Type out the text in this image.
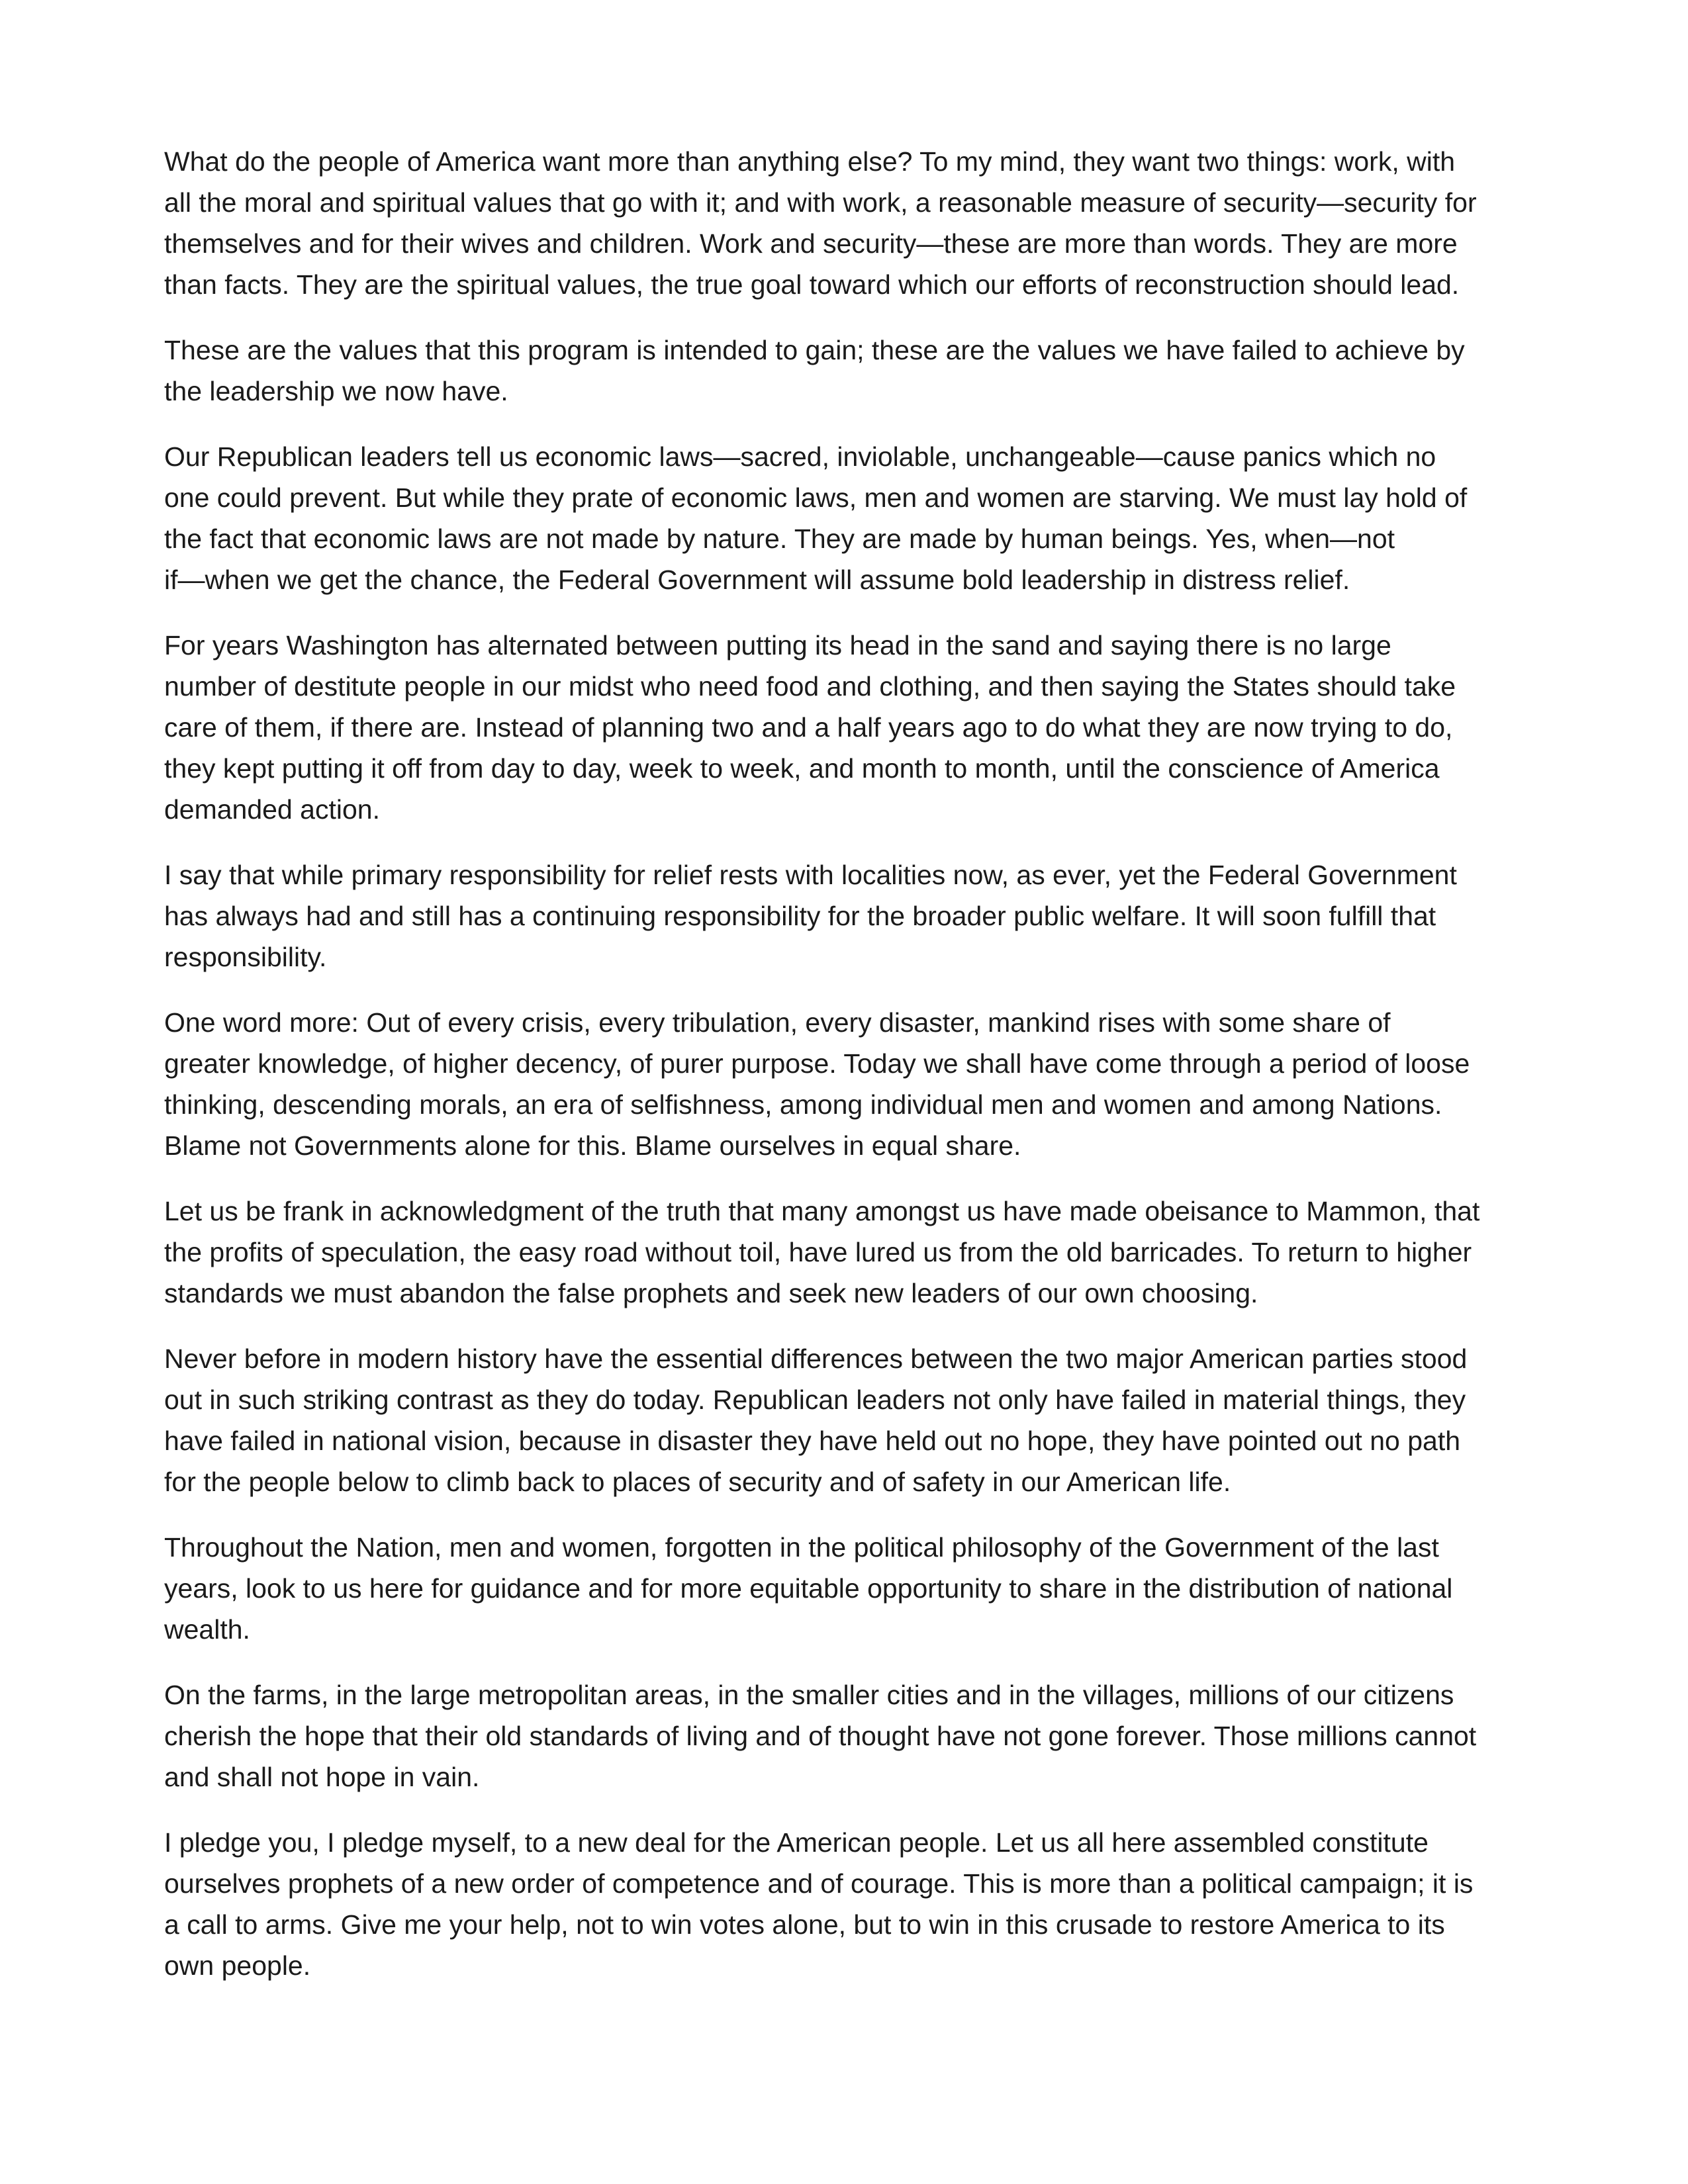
What do the people of America want more than anything else? To my mind, they want two things: work, with
all the moral and spiritual values that go with it; and with work, a reasonable measure of security—security for
themselves and for their wives and children. Work and security—these are more than words. They are more
than facts. They are the spiritual values, the true goal toward which our efforts of reconstruction should lead.

These are the values that this program is intended to gain; these are the values we have failed to achieve by
the leadership we now have.

Our Republican leaders tell us economic laws—sacred, inviolable, unchangeable—cause panics which no
one could prevent. But while they prate of economic laws, men and women are starving. We must lay hold of
the fact that economic laws are not made by nature. They are made by human beings. Yes, when—not
if—when we get the chance, the Federal Government will assume bold leadership in distress relief.

For years Washington has alternated between putting its head in the sand and saying there is no large
number of destitute people in our midst who need food and clothing, and then saying the States should take
care of them, if there are. Instead of planning two and a half years ago to do what they are now trying to do,
they kept putting it off from day to day, week to week, and month to month, until the conscience of America
demanded action.

I say that while primary responsibility for relief rests with localities now, as ever, yet the Federal Government
has always had and still has a continuing responsibility for the broader public welfare. It will soon fulfill that
responsibility.

One word more: Out of every crisis, every tribulation, every disaster, mankind rises with some share of
greater knowledge, of higher decency, of purer purpose. Today we shall have come through a period of loose
thinking, descending morals, an era of selfishness, among individual men and women and among Nations.
Blame not Governments alone for this. Blame ourselves in equal share.

Let us be frank in acknowledgment of the truth that many amongst us have made obeisance to Mammon, that
the profits of speculation, the easy road without toil, have lured us from the old barricades. To return to higher
standards we must abandon the false prophets and seek new leaders of our own choosing.

Never before in modern history have the essential differences between the two major American parties stood
out in such striking contrast as they do today. Republican leaders not only have failed in material things, they
have failed in national vision, because in disaster they have held out no hope, they have pointed out no path
for the people below to climb back to places of security and of safety in our American life.

Throughout the Nation, men and women, forgotten in the political philosophy of the Government of the last
years, look to us here for guidance and for more equitable opportunity to share in the distribution of national
wealth.

On the farms, in the large metropolitan areas, in the smaller cities and in the villages, millions of our citizens
cherish the hope that their old standards of living and of thought have not gone forever. Those millions cannot
and shall not hope in vain.

I pledge you, I pledge myself, to a new deal for the American people. Let us all here assembled constitute
ourselves prophets of a new order of competence and of courage. This is more than a political campaign; it is
a call to arms. Give me your help, not to win votes alone, but to win in this crusade to restore America to its
own people.
